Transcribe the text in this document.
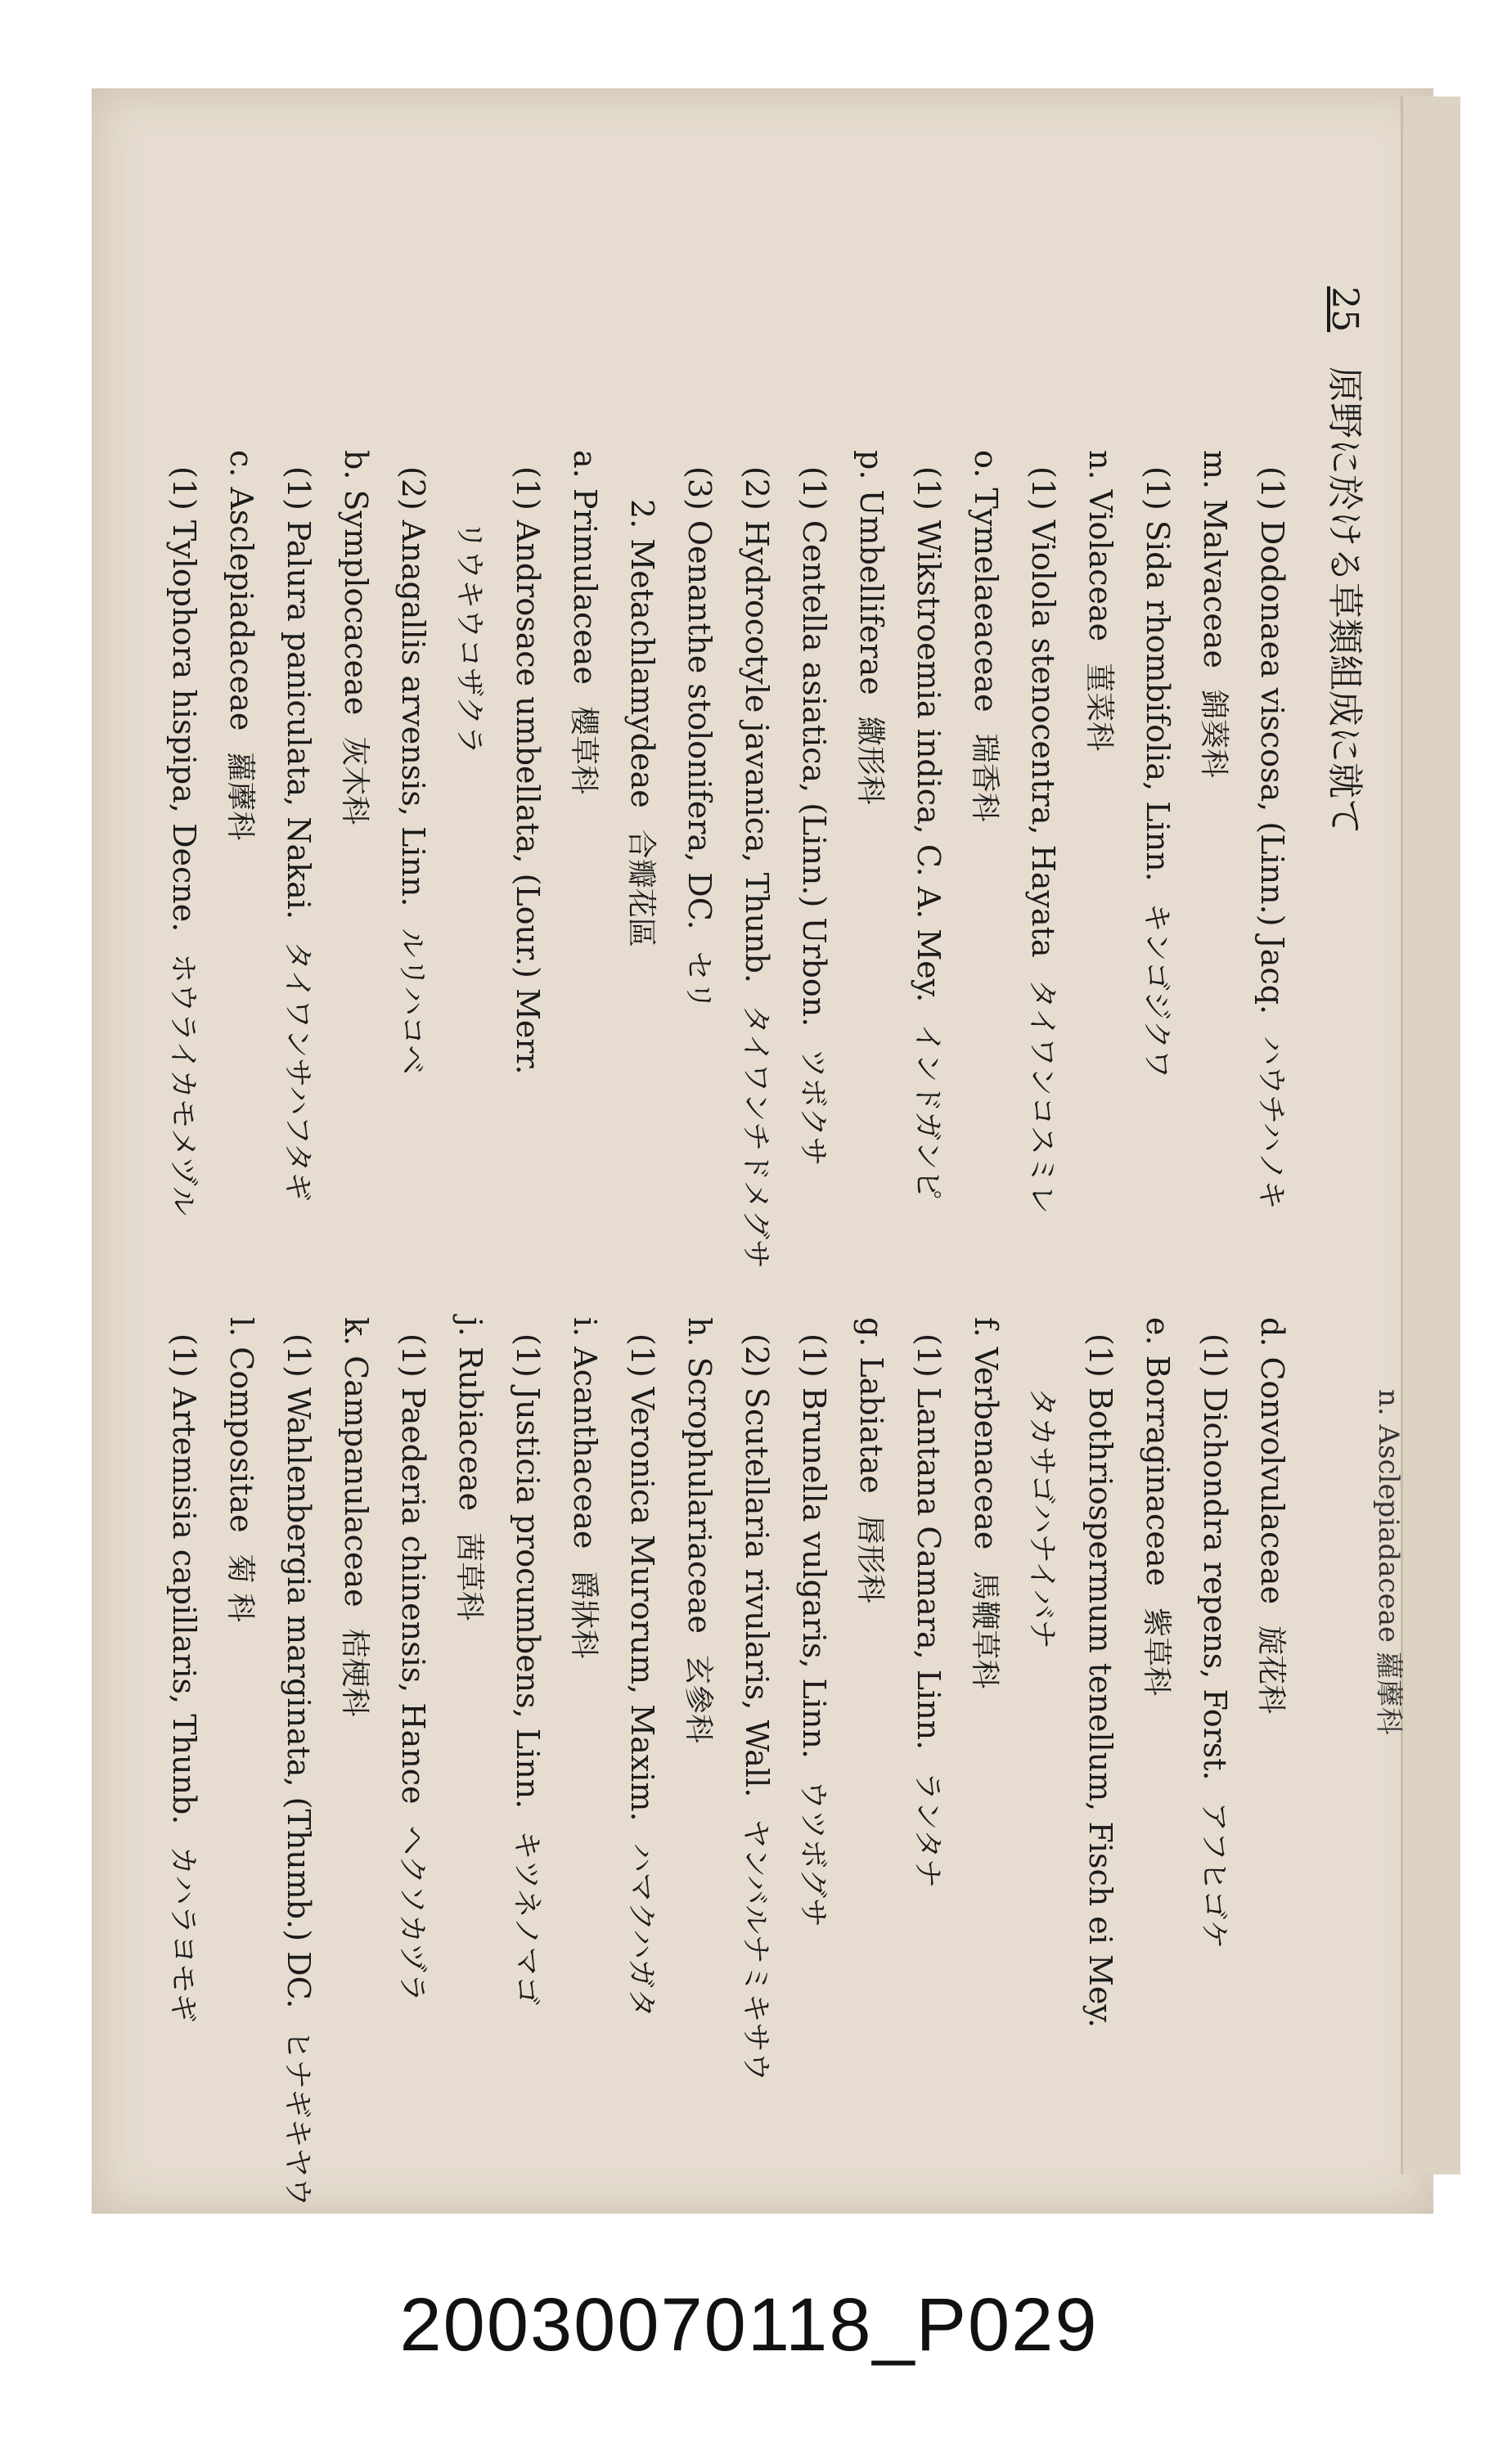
n. Asclepiadaceae 蘿藦科
25 原野に於ける草類組成に就て
(1) Dodonaea viscosa, (Linn.) Jacq.ハウチハノキ
m. Malvaceae錦葵科
(1) Sida rhombifolia, Linn.キンゴジクワ
n. Violaceae菫菜科
(1) Violola stenocentra, Hayataタイワンコスミレ
o. Tymelaeaceae瑞香科
(1) Wikstroemia indica, C. A. Mey.インドガンピ
p. Umbelliferae繖形科
(1) Centella asiatica, (Linn.) Urbon.ツボクサ
(2) Hydrocotyle javanica, Thunb.タイワンチドメグサ
(3) Oenanthe stolonifera, DC.セリ
2. Metachlamydeae合瓣花區
a. Primulaceae櫻草科
(1) Androsace umbellata, (Lour.) Merr.
リウキウコザクラ
(2) Anagallis arvensis, Linn.ルリハコベ
b. Symplocaceae灰木科
(1) Palura paniculata, Nakai.タイワンサハフタギ
c. Asclepiadaceae蘿藦科
(1) Tylophora hispipa, Decne.ホウライカモメヅル
d. Convolvulaceae旋花科
(1) Dichondra repens, Forst.アフヒゴケ
e. Borraginaceae紫草科
(1) Bothriospermum tenellum, Fisch ei Mey.
タカサゴハナイバナ
f. Verbenaceae馬鞭草科
(1) Lantana Camara, Linn.ランタナ
g. Labiatae唇形科
(1) Brunella vulgaris, Linn.ウツボグサ
(2) Scutellaria rivularis, Wall.ヤンバルナミキサウ
h. Scrophulariaceae玄參科
(1) Veronica Murorum, Maxim.ハマクハガタ
i. Acanthaceae爵牀科
(1) Justicia procumbens, Linn.キツネノマゴ
j. Rubiaceae茜草科
(1) Paederia chinensis, Hanceヘクソカヅラ
k. Campanulaceae桔梗科
(1) Wahlenbergia marginata, (Thumb.) DC.ヒナギキヤウ
l. Compositae菊 科
(1) Artemisia capillaris, Thunb.カハラヨモギ
20030070118_P029
